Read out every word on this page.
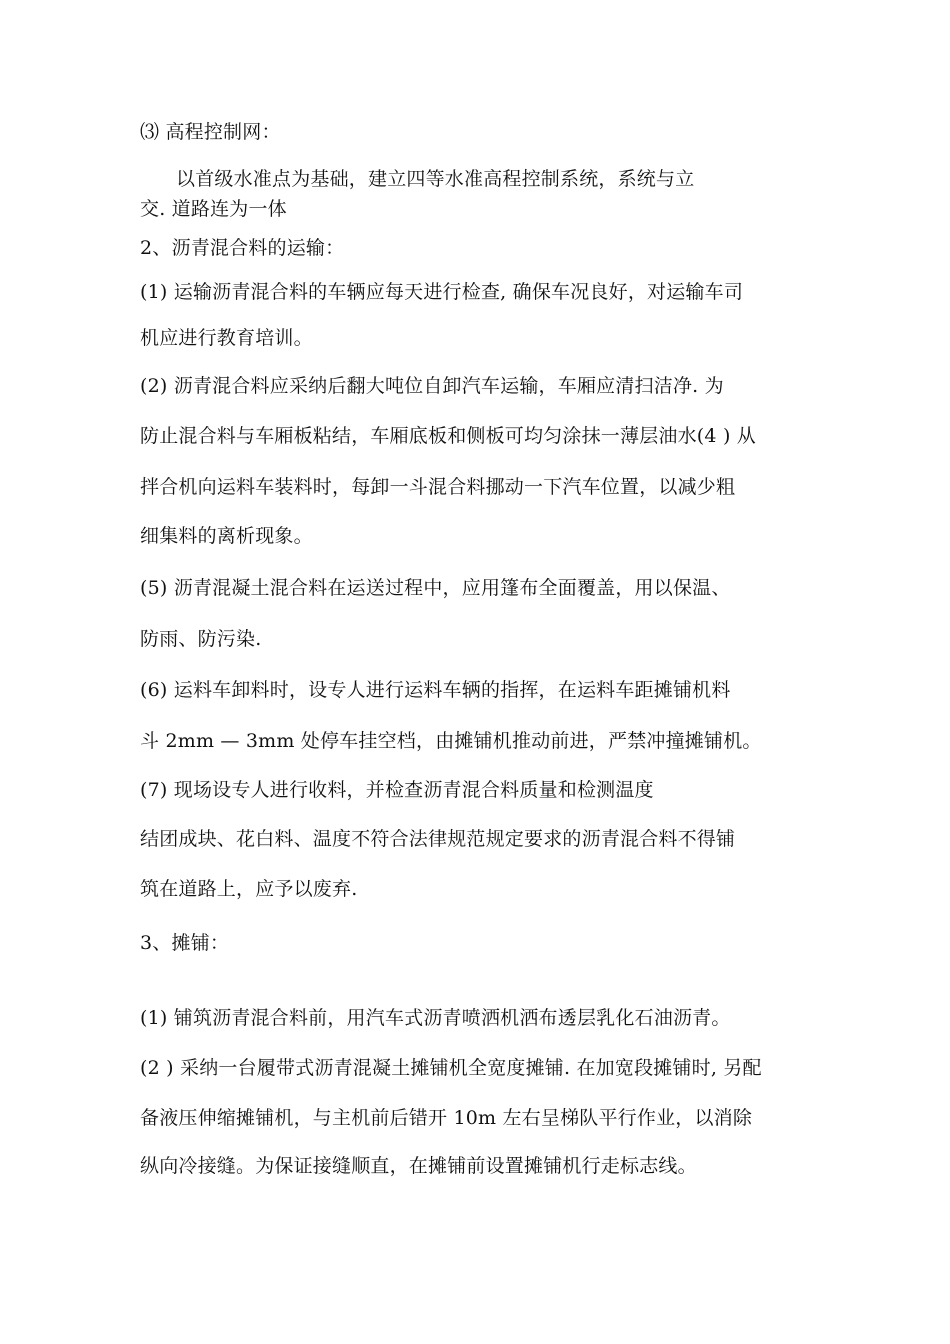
⑶ 高程控制网：
以首级水准点为基础，建立四等水准高程控制系统，系统与立
交. 道路连为一体
2、沥青混合料的运输：
(1) 运输沥青混合料的车辆应每天进行检查, 确保车况良好，对运输车司
机应进行教育培训。
(2) 沥青混合料应采纳后翻大吨位自卸汽车运输，车厢应清扫洁净. 为
防止混合料与车厢板粘结，车厢底板和侧板可均匀涂抹一薄层油水(4 ) 从
拌合机向运料车装料时，每卸一斗混合料挪动一下汽车位置，以减少粗
细集料的离析现象。
(5) 沥青混凝土混合料在运送过程中，应用篷布全面覆盖，用以保温、
防雨、防污染.
(6) 运料车卸料时，设专人进行运料车辆的指挥，在运料车距摊铺机料
斗 2mm — 3mm 处停车挂空档，由摊铺机推动前进，严禁冲撞摊铺机。
(7) 现场设专人进行收料，并检查沥青混合料质量和检测温度
结团成块、花白料、温度不符合法律规范规定要求的沥青混合料不得铺
筑在道路上，应予以废弃.
3、摊铺：
(1) 铺筑沥青混合料前，用汽车式沥青喷洒机洒布透层乳化石油沥青。
(2 ) 采纳一台履带式沥青混凝土摊铺机全宽度摊铺. 在加宽段摊铺时, 另配
备液压伸缩摊铺机，与主机前后错开 10m 左右呈梯队平行作业，以消除
纵向冷接缝。为保证接缝顺直，在摊铺前设置摊铺机行走标志线。
